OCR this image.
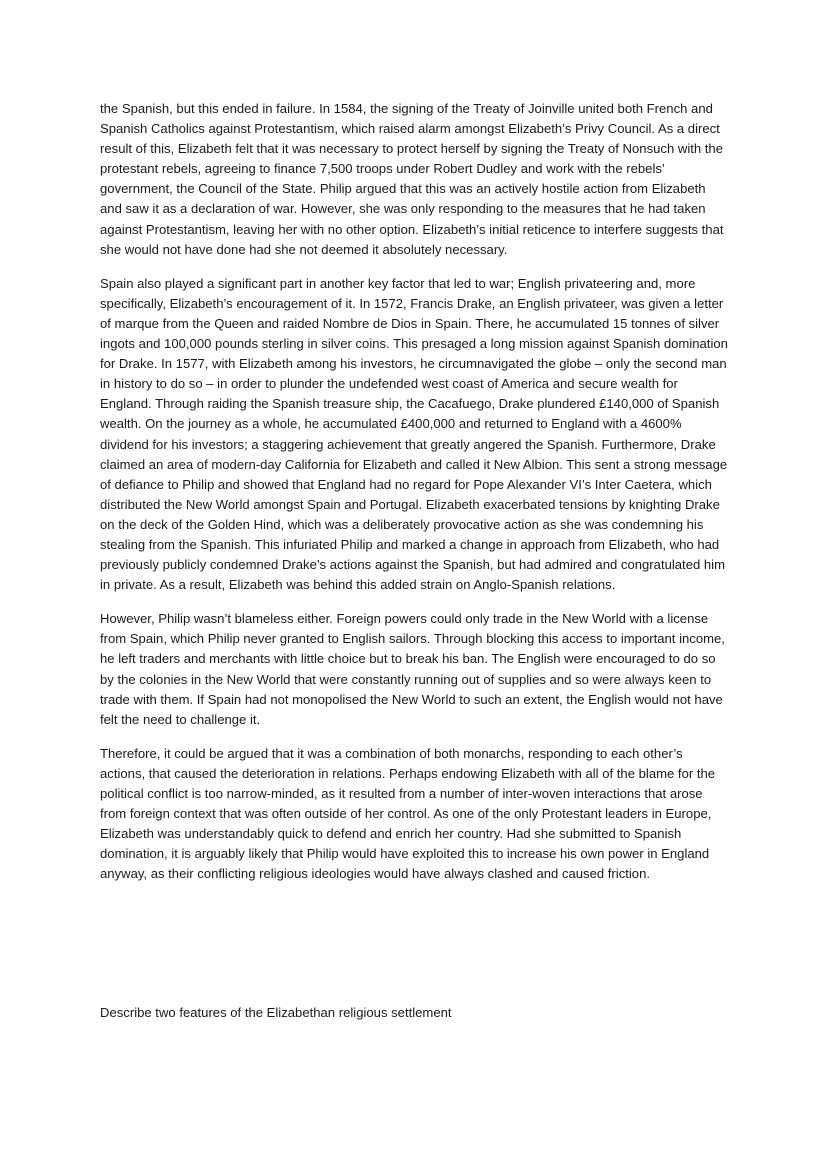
the Spanish, but this ended in failure. In 1584, the signing of the Treaty of Joinville united both French and Spanish Catholics against Protestantism, which raised alarm amongst Elizabeth’s Privy Council. As a direct result of this, Elizabeth felt that it was necessary to protect herself by signing the Treaty of Nonsuch with the protestant rebels, agreeing to finance 7,500 troops under Robert Dudley and work with the rebels’ government, the Council of the State. Philip argued that this was an actively hostile action from Elizabeth and saw it as a declaration of war. However, she was only responding to the measures that he had taken against Protestantism, leaving her with no other option. Elizabeth’s initial reticence to interfere suggests that she would not have done had she not deemed it absolutely necessary.

Spain also played a significant part in another key factor that led to war; English privateering and, more specifically, Elizabeth’s encouragement of it. In 1572, Francis Drake, an English privateer, was given a letter of marque from the Queen and raided Nombre de Dios in Spain. There, he accumulated 15 tonnes of silver ingots and 100,000 pounds sterling in silver coins. This presaged a long mission against Spanish domination for Drake. In 1577, with Elizabeth among his investors, he circumnavigated the globe – only the second man in history to do so – in order to plunder the undefended west coast of America and secure wealth for England. Through raiding the Spanish treasure ship, the Cacafuego, Drake plundered £140,000 of Spanish wealth. On the journey as a whole, he accumulated £400,000 and returned to England with a 4600% dividend for his investors; a staggering achievement that greatly angered the Spanish. Furthermore, Drake claimed an area of modern-day California for Elizabeth and called it New Albion. This sent a strong message of defiance to Philip and showed that England had no regard for Pope Alexander VI’s Inter Caetera, which distributed the New World amongst Spain and Portugal. Elizabeth exacerbated tensions by knighting Drake on the deck of the Golden Hind, which was a deliberately provocative action as she was condemning his stealing from the Spanish. This infuriated Philip and marked a change in approach from Elizabeth, who had previously publicly condemned Drake’s actions against the Spanish, but had admired and congratulated him in private. As a result, Elizabeth was behind this added strain on Anglo-Spanish relations.

However, Philip wasn’t blameless either. Foreign powers could only trade in the New World with a license from Spain, which Philip never granted to English sailors. Through blocking this access to important income, he left traders and merchants with little choice but to break his ban. The English were encouraged to do so by the colonies in the New World that were constantly running out of supplies and so were always keen to trade with them. If Spain had not monopolised the New World to such an extent, the English would not have felt the need to challenge it.

Therefore, it could be argued that it was a combination of both monarchs, responding to each other’s actions, that caused the deterioration in relations. Perhaps endowing Elizabeth with all of the blame for the political conflict is too narrow-minded, as it resulted from a number of inter-woven interactions that arose from foreign context that was often outside of her control. As one of the only Protestant leaders in Europe, Elizabeth was understandably quick to defend and enrich her country. Had she submitted to Spanish domination, it is arguably likely that Philip would have exploited this to increase his own power in England anyway, as their conflicting religious ideologies would have always clashed and caused friction.

Describe two features of the Elizabethan religious settlement
